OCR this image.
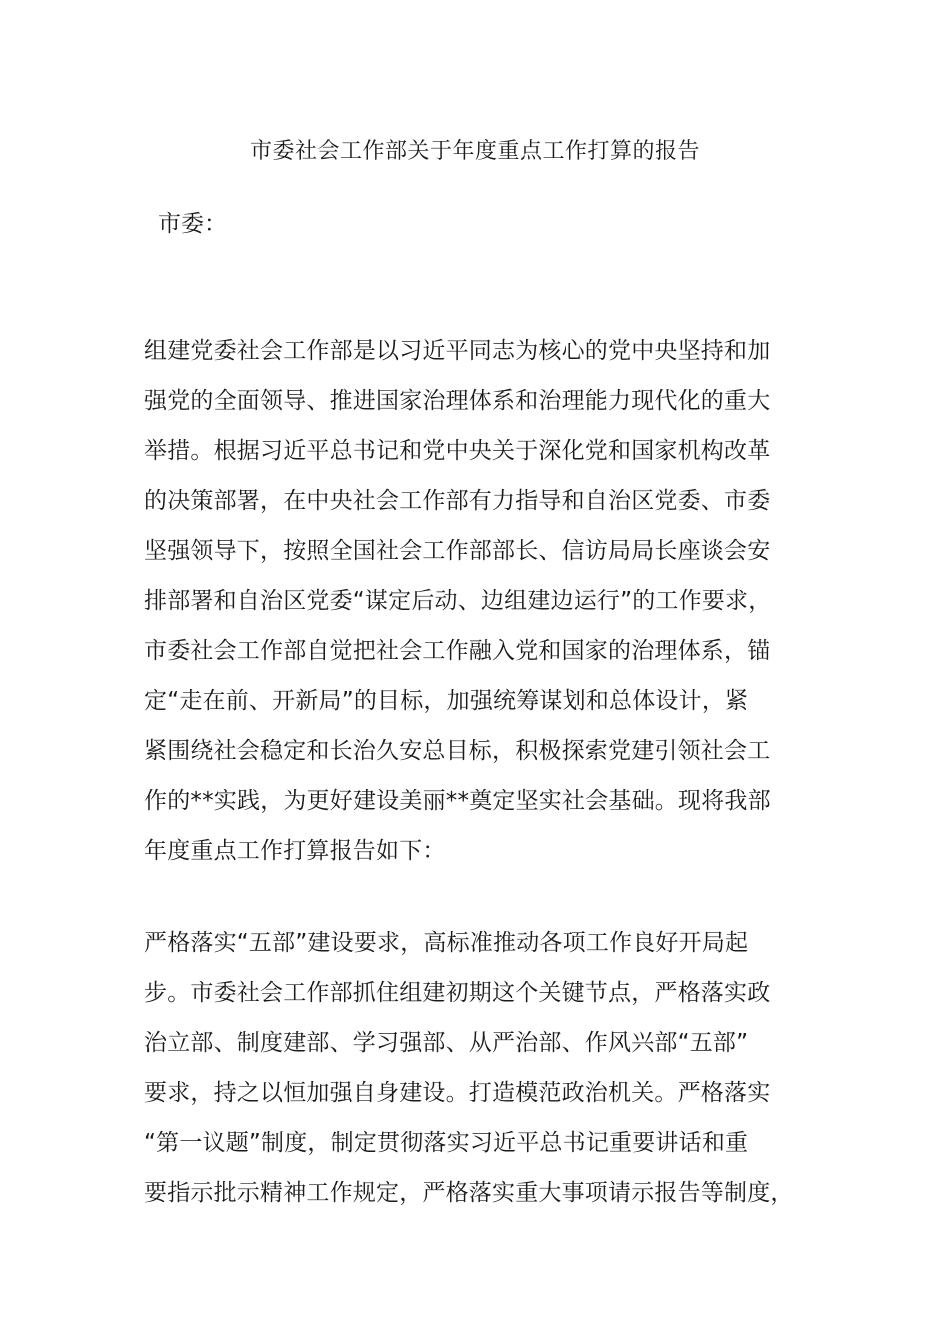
市委社会工作部关于年度重点工作打算的报告
市委：
组建党委社会工作部是以习近平同志为核心的党中央坚持和加
强党的全面领导、推进国家治理体系和治理能力现代化的重大
举措。根据习近平总书记和党中央关于深化党和国家机构改革
的决策部署，在中央社会工作部有力指导和自治区党委、市委
坚强领导下，按照全国社会工作部部长、信访局局长座谈会安
排部署和自治区党委“谋定后动、边组建边运行”的工作要求，
市委社会工作部自觉把社会工作融入党和国家的治理体系，锚
定“走在前、开新局”的目标，加强统筹谋划和总体设计，紧
紧围绕社会稳定和长治久安总目标，积极探索党建引领社会工
作的**实践，为更好建设美丽**奠定坚实社会基础。现将我部
年度重点工作打算报告如下：
严格落实“五部”建设要求，高标准推动各项工作良好开局起
步。市委社会工作部抓住组建初期这个关键节点，严格落实政
治立部、制度建部、学习强部、从严治部、作风兴部“五部”
要求，持之以恒加强自身建设。打造模范政治机关。严格落实
“第一议题”制度，制定贯彻落实习近平总书记重要讲话和重
要指示批示精神工作规定，严格落实重大事项请示报告等制度，
